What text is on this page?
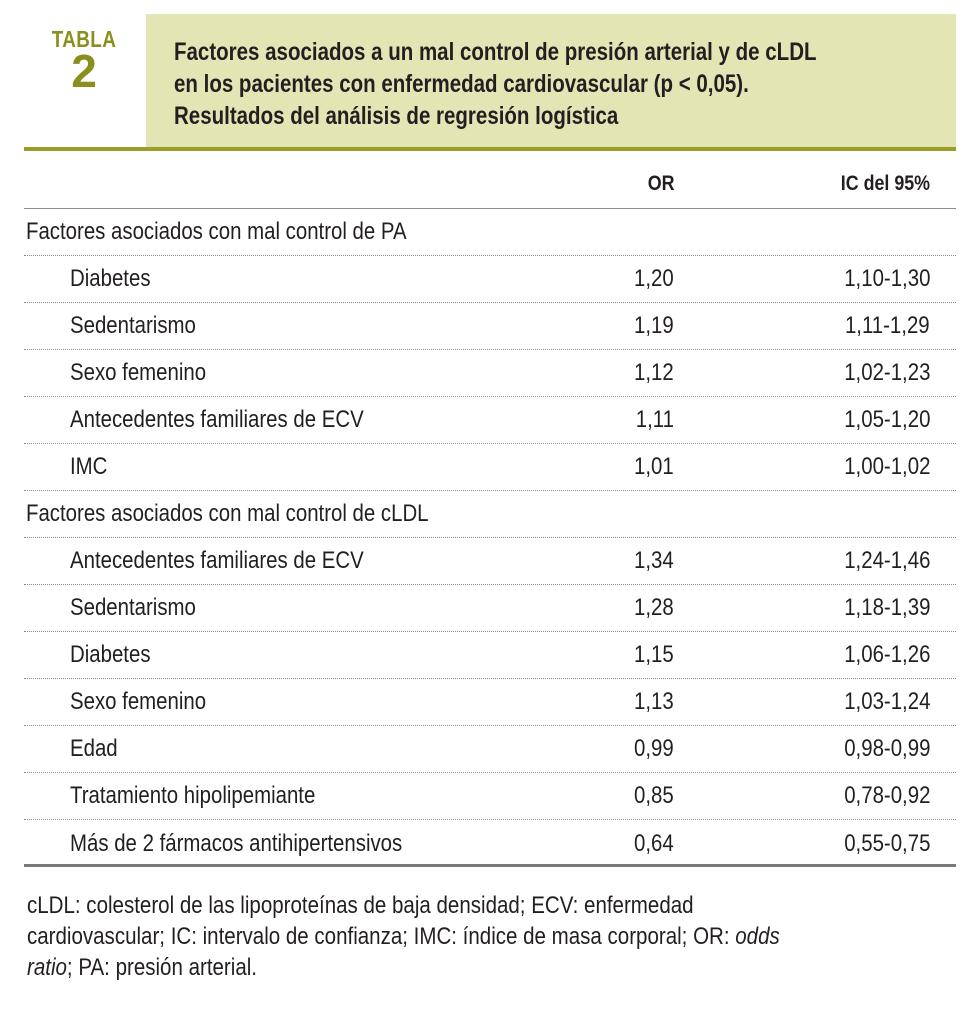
TABLA
2	Factores asociados a un mal control de presión arterial y de cLDL
en los pacientes con enfermedad cardiovascular (p < 0,05).
Resultados del análisis de regresión logística
OR	IC del 95%
Factores asociados con mal control de PA
Diabetes	1,20	1,10-1,30
Sedentarismo	1,19	1,11-1,29
Sexo femenino	1,12	1,02-1,23
Antecedentes familiares de ECV	1,11	1,05-1,20
IMC	1,01	1,00-1,02
Factores asociados con mal control de cLDL
Antecedentes familiares de ECV	1,34	1,24-1,46
Sedentarismo	1,28	1,18-1,39
Diabetes	1,15	1,06-1,26
Sexo femenino	1,13	1,03-1,24
Edad	0,99	0,98-0,99
Tratamiento hipolipemiante	0,85	0,78-0,92
Más de 2 fármacos antihipertensivos	0,64	0,55-0,75
cLDL: colesterol de las lipoproteínas de baja densidad; ECV: enfermedad
cardiovascular; IC: intervalo de confianza; IMC: índice de masa corporal; OR: odds
ratio; PA: presión arterial.
